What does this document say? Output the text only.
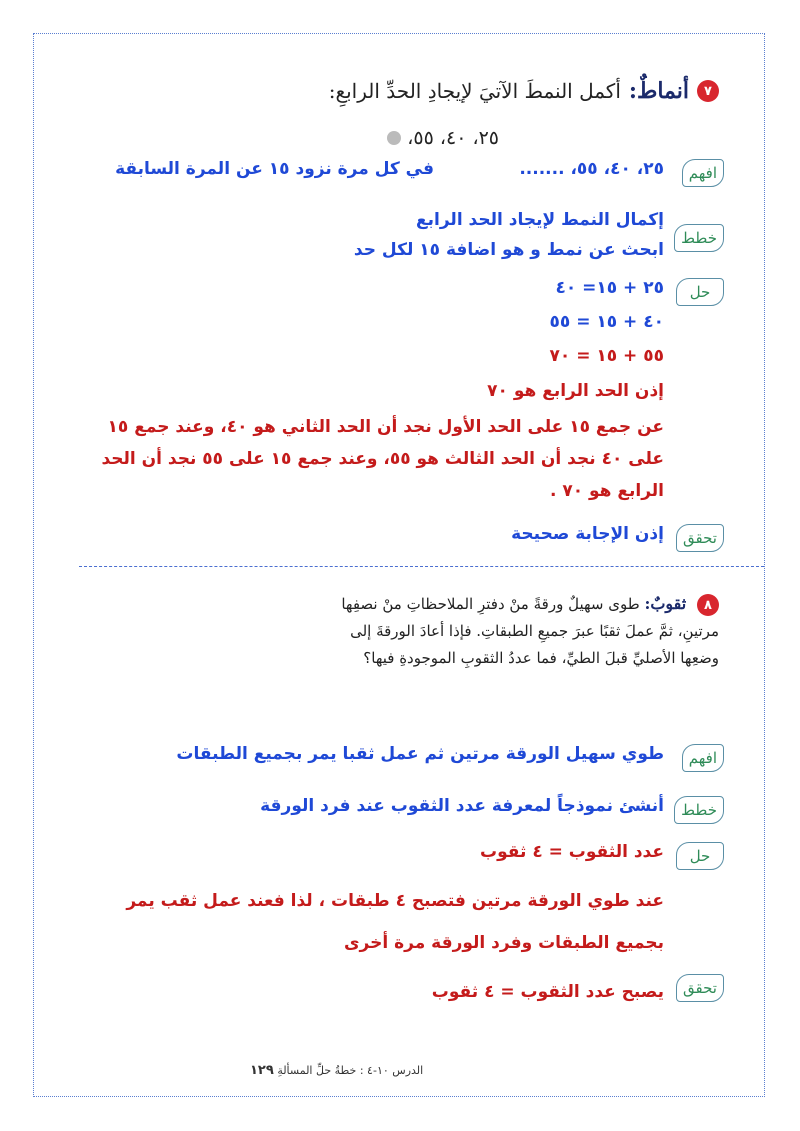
٧
أنماطٌ:
أكمل النمطَ الآتيَ لإيجادِ الحدِّ الرابعِ:
٢٥، ٤٠، ٥٥،
افهم
٢٥، ٤٠، ٥٥، .......
في كل مرة نزود ١٥ عن المرة السابقة
إكمال النمط لإيجاد الحد الرابع
خطط
ابحث عن نمط و هو اضافة ١٥ لكل حد
حل
٢٥ + ١٥= ٤٠
٤٠ + ١٥ = ٥٥
٥٥ + ١٥ = ٧٠
إذن الحد الرابع هو ٧٠
عن جمع ١٥ على الحد الأول نجد أن الحد الثاني هو ٤٠، وعند جمع ١٥ على ٤٠ نجد أن الحد الثالث هو ٥٥، وعند جمع ١٥ على ٥٥ نجد أن الحد الرابع هو ٧٠ .
تحقق
إذن الإجابة صحيحة
٨ ثقوبٌ: طوى سهيلٌ ورقةً منْ دفترِ الملاحظاتِ منْ نصفِها مرتينِ، ثمَّ عملَ ثقبًا عبرَ جميعِ الطبقاتِ. فإذا أعادَ الورقةَ إلى وضعِها الأصليِّ قبلَ الطيِّ، فما عددُ الثقوبِ الموجودةِ فيها؟
افهم
طوي سهيل الورقة مرتين ثم عمل ثقبا يمر بجميع الطبقات
خطط
أنشئ نموذجاً لمعرفة عدد الثقوب عند فرد الورقة
حل
عدد الثقوب = ٤ ثقوب
عند طوي الورقة مرتين فتصبح ٤ طبقات ، لذا فعند عمل ثقب يمر بجميع الطبقات وفرد الورقة مرة أخرى
تحقق
يصبح عدد الثقوب = ٤ ثقوب
الدرس ١٠-٤ : خطةُ حلِّ المسألةِ ١٢٩
